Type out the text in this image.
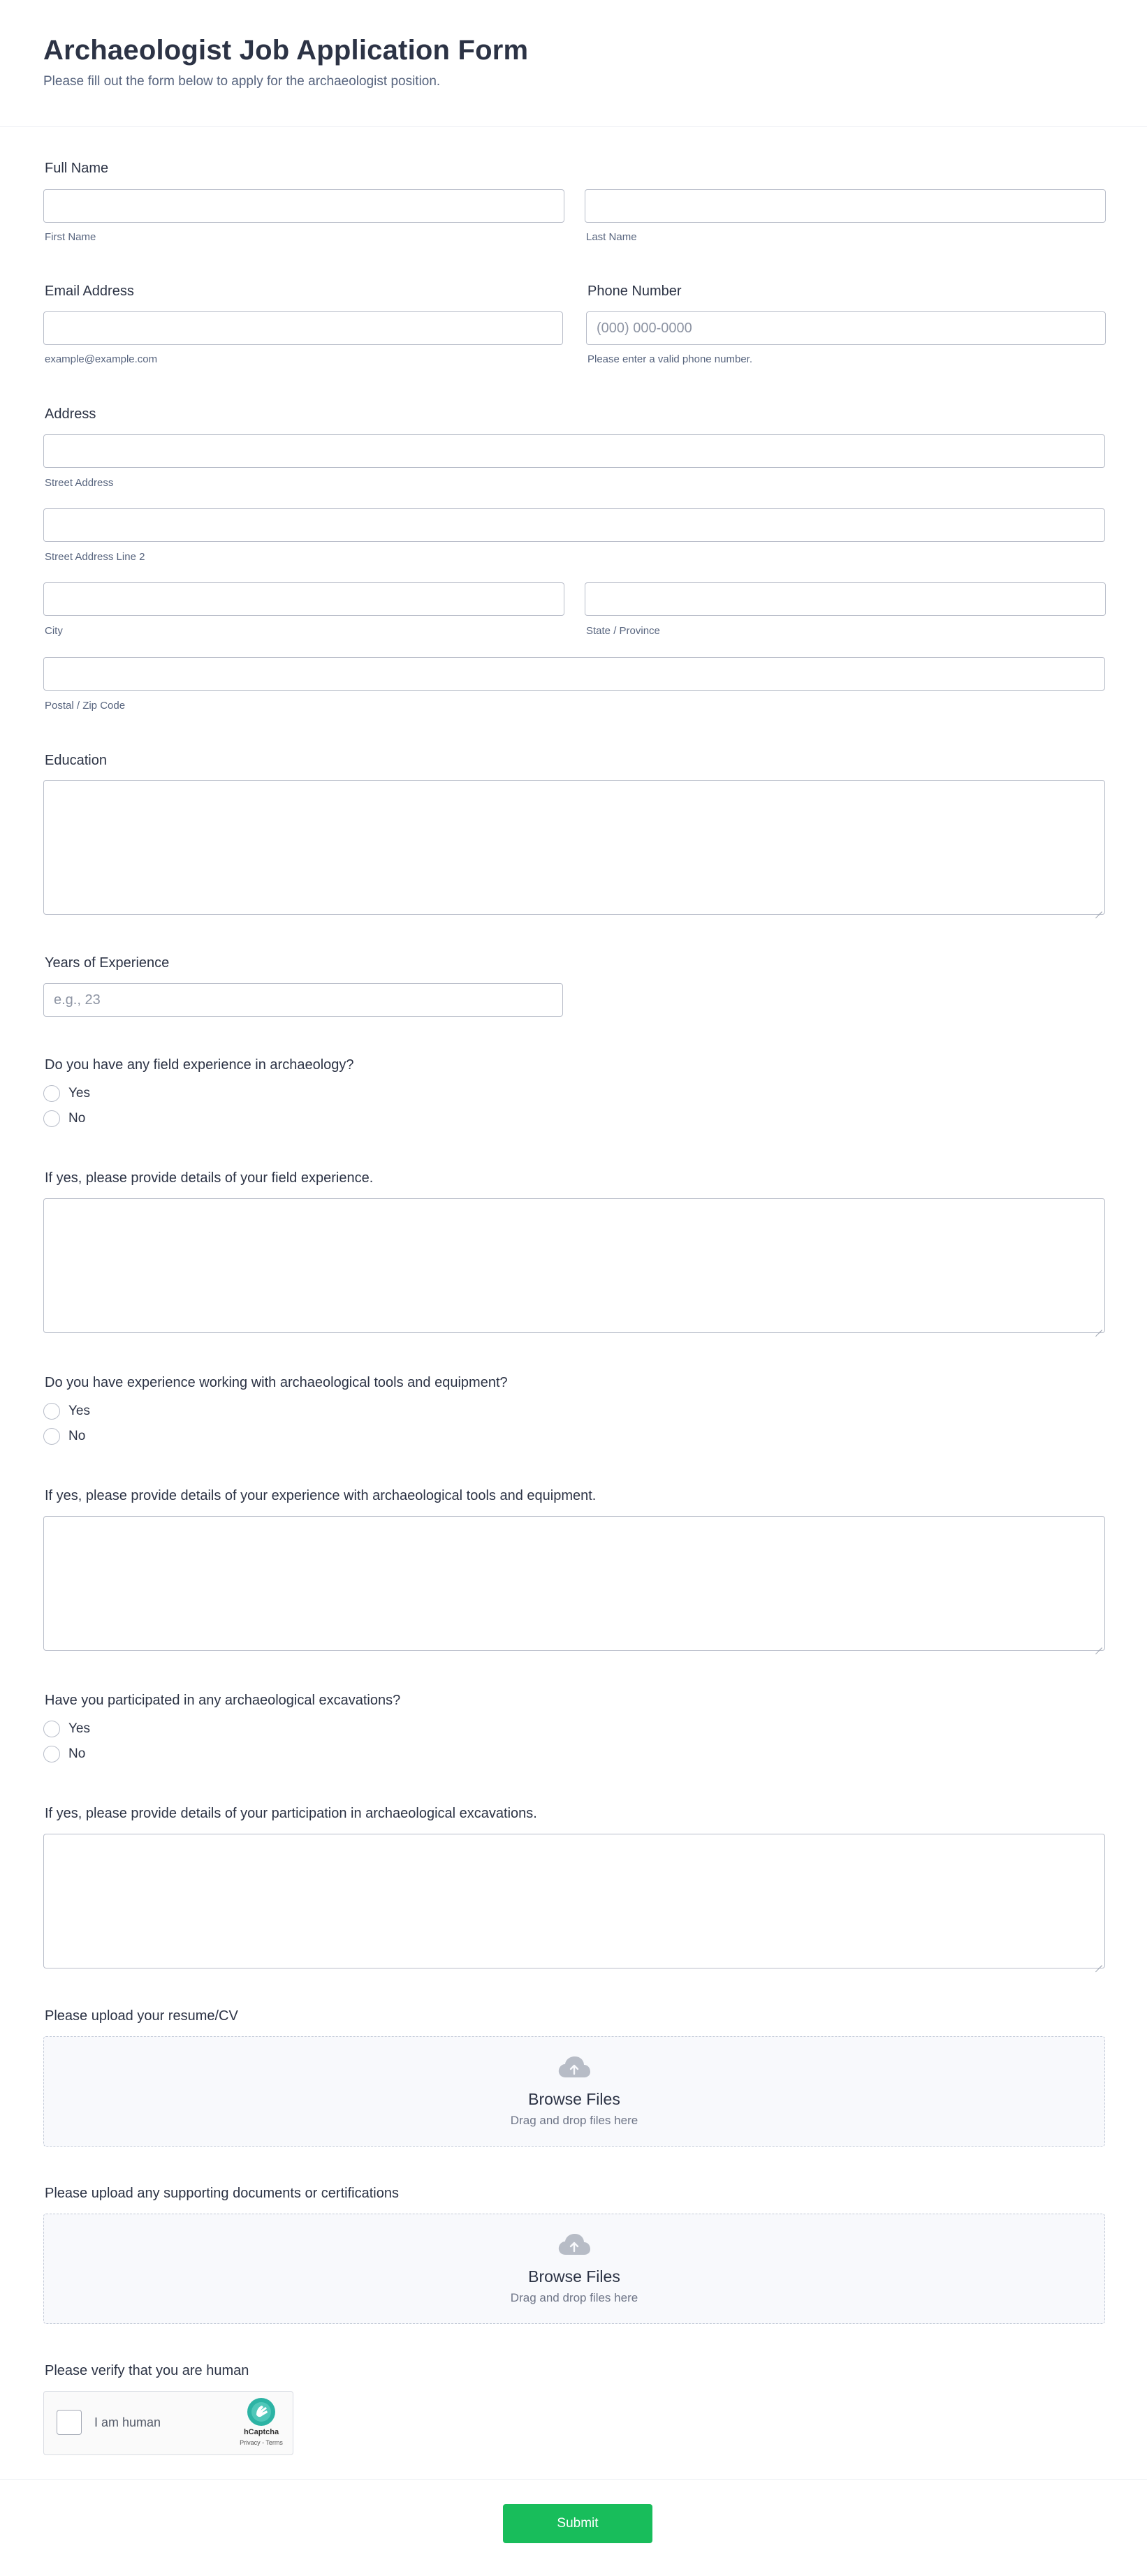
Archaeologist Job Application Form
Please fill out the form below to apply for the archaeologist position.
Full Name
First Name	Last Name
Email Address
example@example.com
Phone Number
(000) 000-0000
Please enter a valid phone number.
Address
Street Address
Street Address Line 2
City	State / Province
Postal / Zip Code
Education
Years of Experience
e.g., 23
Do you have any field experience in archaeology?
Yes
No
If yes, please provide details of your field experience.
Do you have experience working with archaeological tools and equipment?
Yes
No
If yes, please provide details of your experience with archaeological tools and equipment.
Have you participated in any archaeological excavations?
Yes
No
If yes, please provide details of your participation in archaeological excavations.
Please upload your resume/CV
Browse Files
Drag and drop files here
Please upload any supporting documents or certifications
Browse Files
Drag and drop files here
Please verify that you are human
I am human
hCaptcha
Privacy - Terms
Submit
